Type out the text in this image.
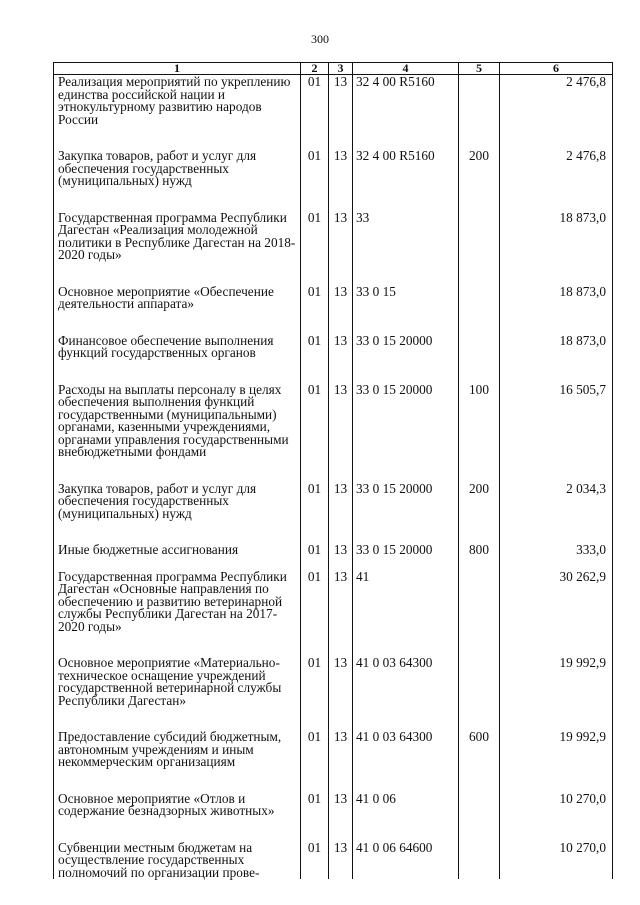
300
1	2	3	4	5	6
Реализация мероприятий по укреплению единства российской нации и этнокультурному развитию народов России	01	13	32 4 00 R5160		2 476,8

Закупка товаров, работ и услуг для обеспечения государственных (муниципальных) нужд	01	13	32 4 00 R5160	200	2 476,8

Государственная программа Республики Дагестан «Реализация молодежной политики в Республике Дагестан на 2018-2020 годы»	01	13	33		18 873,0

Основное мероприятие «Обеспечение деятельности аппарата»	01	13	33 0 15		18 873,0

Финансовое обеспечение выполнения функций государственных органов	01	13	33 0 15 20000		18 873,0

Расходы на выплаты персоналу в целях обеспечения выполнения функций государственными (муниципальными) органами, казенными учреждениями, органами управления государственными внебюджетными фондами	01	13	33 0 15 20000	100	16 505,7

Закупка товаров, работ и услуг для обеспечения государственных (муниципальных) нужд	01	13	33 0 15 20000	200	2 034,3

Иные бюджетные ассигнования	01	13	33 0 15 20000	800	333,0

Государственная программа Республики Дагестан «Основные направления по обеспечению и развитию ветеринарной службы Республики Дагестан на 2017-2020 годы»	01	13	41		30 262,9

Основное мероприятие «Материально-техническое оснащение учреждений государственной ветеринарной службы Республики Дагестан»	01	13	41 0 03 64300		19 992,9

Предоставление субсидий бюджетным, автономным учреждениям и иным некоммерческим организациям	01	13	41 0 03 64300	600	19 992,9

Основное мероприятие «Отлов и содержание безнадзорных животных»	01	13	41 0 06		10 270,0

Субвенции местным бюджетам на осуществление государственных полномочий по организации прове-	01	13	41 0 06 64600		10 270,0
